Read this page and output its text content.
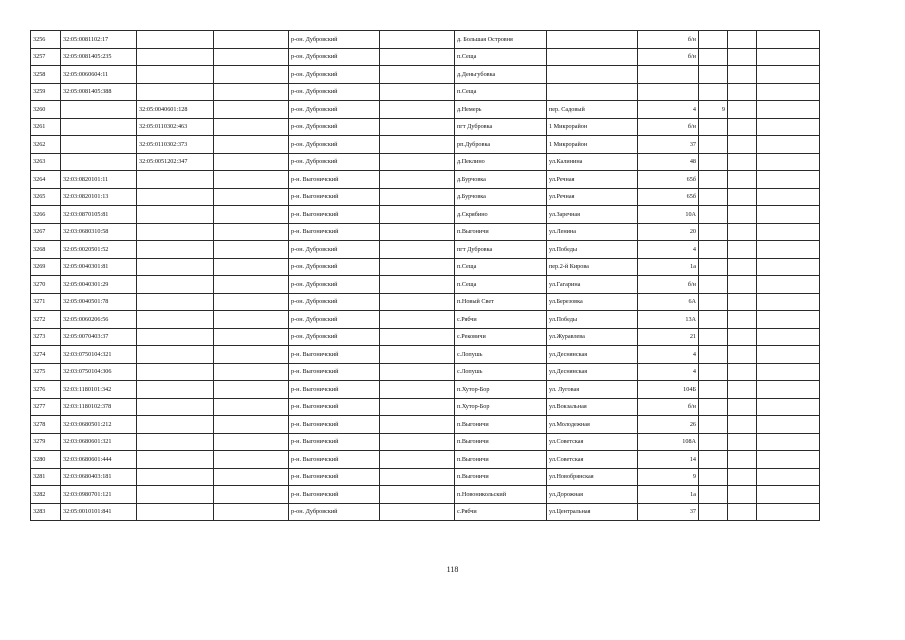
3256	32:05:0081102:17			р-он. Дубровский		д. Большая Островня		б/н			
3257	32:05:0081405:235			р-он. Дубровский		п.Сеща		б/н			
3258	32:05:0060604:11			р-он. Дубровский		д.Деньгубовка					
3259	32:05:0081405:388			р-он. Дубровский		п.Сеща					
3260		32:05:0040601:128		р-он. Дубровский		д.Немерь	пер. Садовый	4	9		
3261		32:05:0110302:463		р-он. Дубровский		пгт Дубровка	1 Микрорайон	б/н			
3262		32:05:0110302:373		р-он. Дубровский		рп.Дубровка	1 Микрорайон	37			
3263		32:05:0051202:347		р-он. Дубровский		д.Пеклино	ул.Калинина	48			
3264	32:03:0820101:11			р-н. Выгоничский		д.Бурчовка	ул.Речная	65б			
3265	32:03:0820101:13			р-н. Выгоничский		д.Бурчовка	ул.Речная	65б			
3266	32:03:0870105:81			р-н. Выгоничский		д.Скрябино	ул.Заречная	10А			
3267	32:03:0680310:58			р-н. Выгоничский		п.Выгоничи	ул.Ленина	20			
3268	32:05:0020501:52			р-он. Дубровский		пгт Дубровка	ул.Победы	4			
3269	32:05:0040301:81			р-он. Дубровский		п.Сеща	пер.2-й Кирова	1а			
3270	32:05:0040301:29			р-он. Дубровский		п.Сеща	ул.Гагарина	б/н			
3271	32:05:0040501:78			р-он. Дубровский		п.Новый Свет	ул.Березовка	6А			
3272	32:05:0060206:56			р-он. Дубровский		с.Рябчи	ул.Победы	13А			
3273	32:05:0070403:37			р-он. Дубровский		с.Рековичи	ул.Журавлева	21			
3274	32:03:0750104:321			р-н. Выгоничский		с.Лопушь	ул.Деснянская	4			
3275	32:03:0750104:306			р-н. Выгоничский		с.Лопушь	ул.Деснянская	4			
3276	32:03:1180101:342			р-н. Выгоничский		п.Хутор-Бор	ул. Луговая	104Б			
3277	32:03:1180102:378			р-н. Выгоничский		п.Хутор-Бор	ул.Вокзальная	б/н			
3278	32:03:0680501:212			р-н. Выгоничский		п.Выгоничи	ул.Молодежная	26			
3279	32:03:0680601:321			р-н. Выгоничский		п.Выгоничи	ул.Советская	108А			
3280	32:03:0680601:444			р-н. Выгоничский		п.Выгоничи	ул.Советская	14			
3281	32:03:0680403:181			р-н. Выгоничский		п.Выгоничи	ул.Новобрянская	9			
3282	32:03:0980701:121			р-н. Выгоничский		п.Новоникольский	ул.Дорожная	1а			
3283	32:05:0010101:841			р-он. Дубровский		с.Рябчи	ул.Центральная	37			
118
